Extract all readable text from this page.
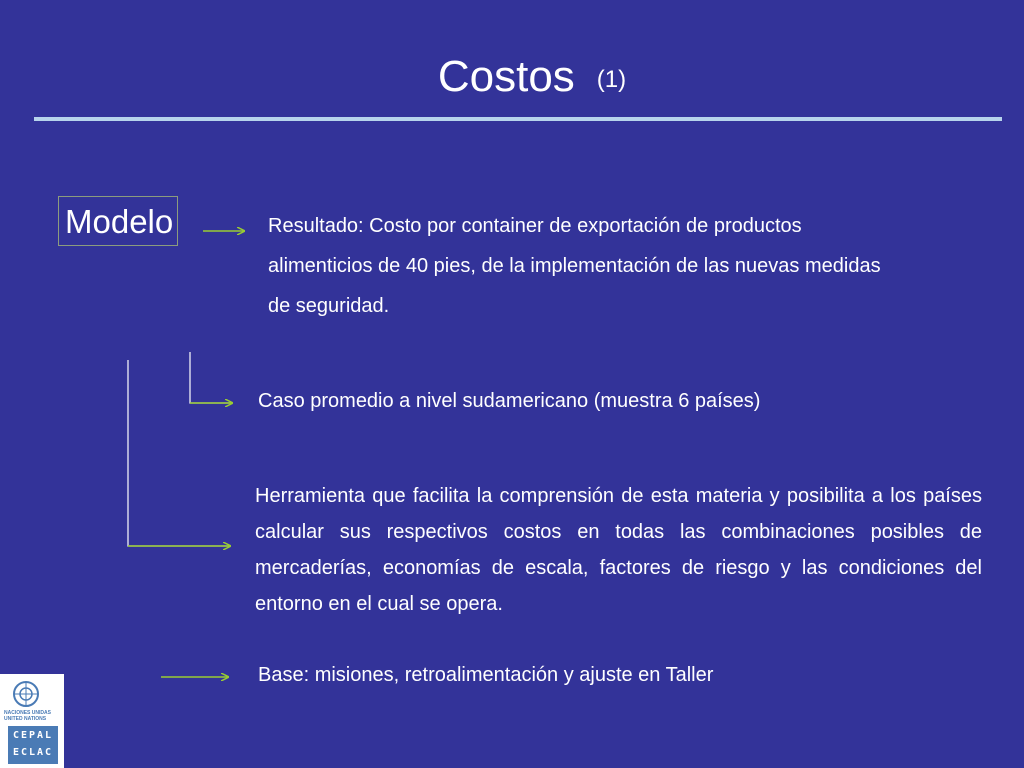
Costos (1)
Modelo	Resultado: Costo por container de exportación de productos alimenticios de 40 pies, de la implementación de las nuevas medidas de seguridad.
Caso promedio a nivel sudamericano (muestra 6 países)
Herramienta que facilita la comprensión de esta materia y posibilita a los países calcular sus respectivos costos en todas las combinaciones posibles de mercaderías, economías de escala, factores de riesgo y las condiciones del entorno en el cual se opera.
Base: misiones, retroalimentación y ajuste en Taller
NACIONES UNIDAS
UNITED NATIONS
CEPAL
ECLAC
